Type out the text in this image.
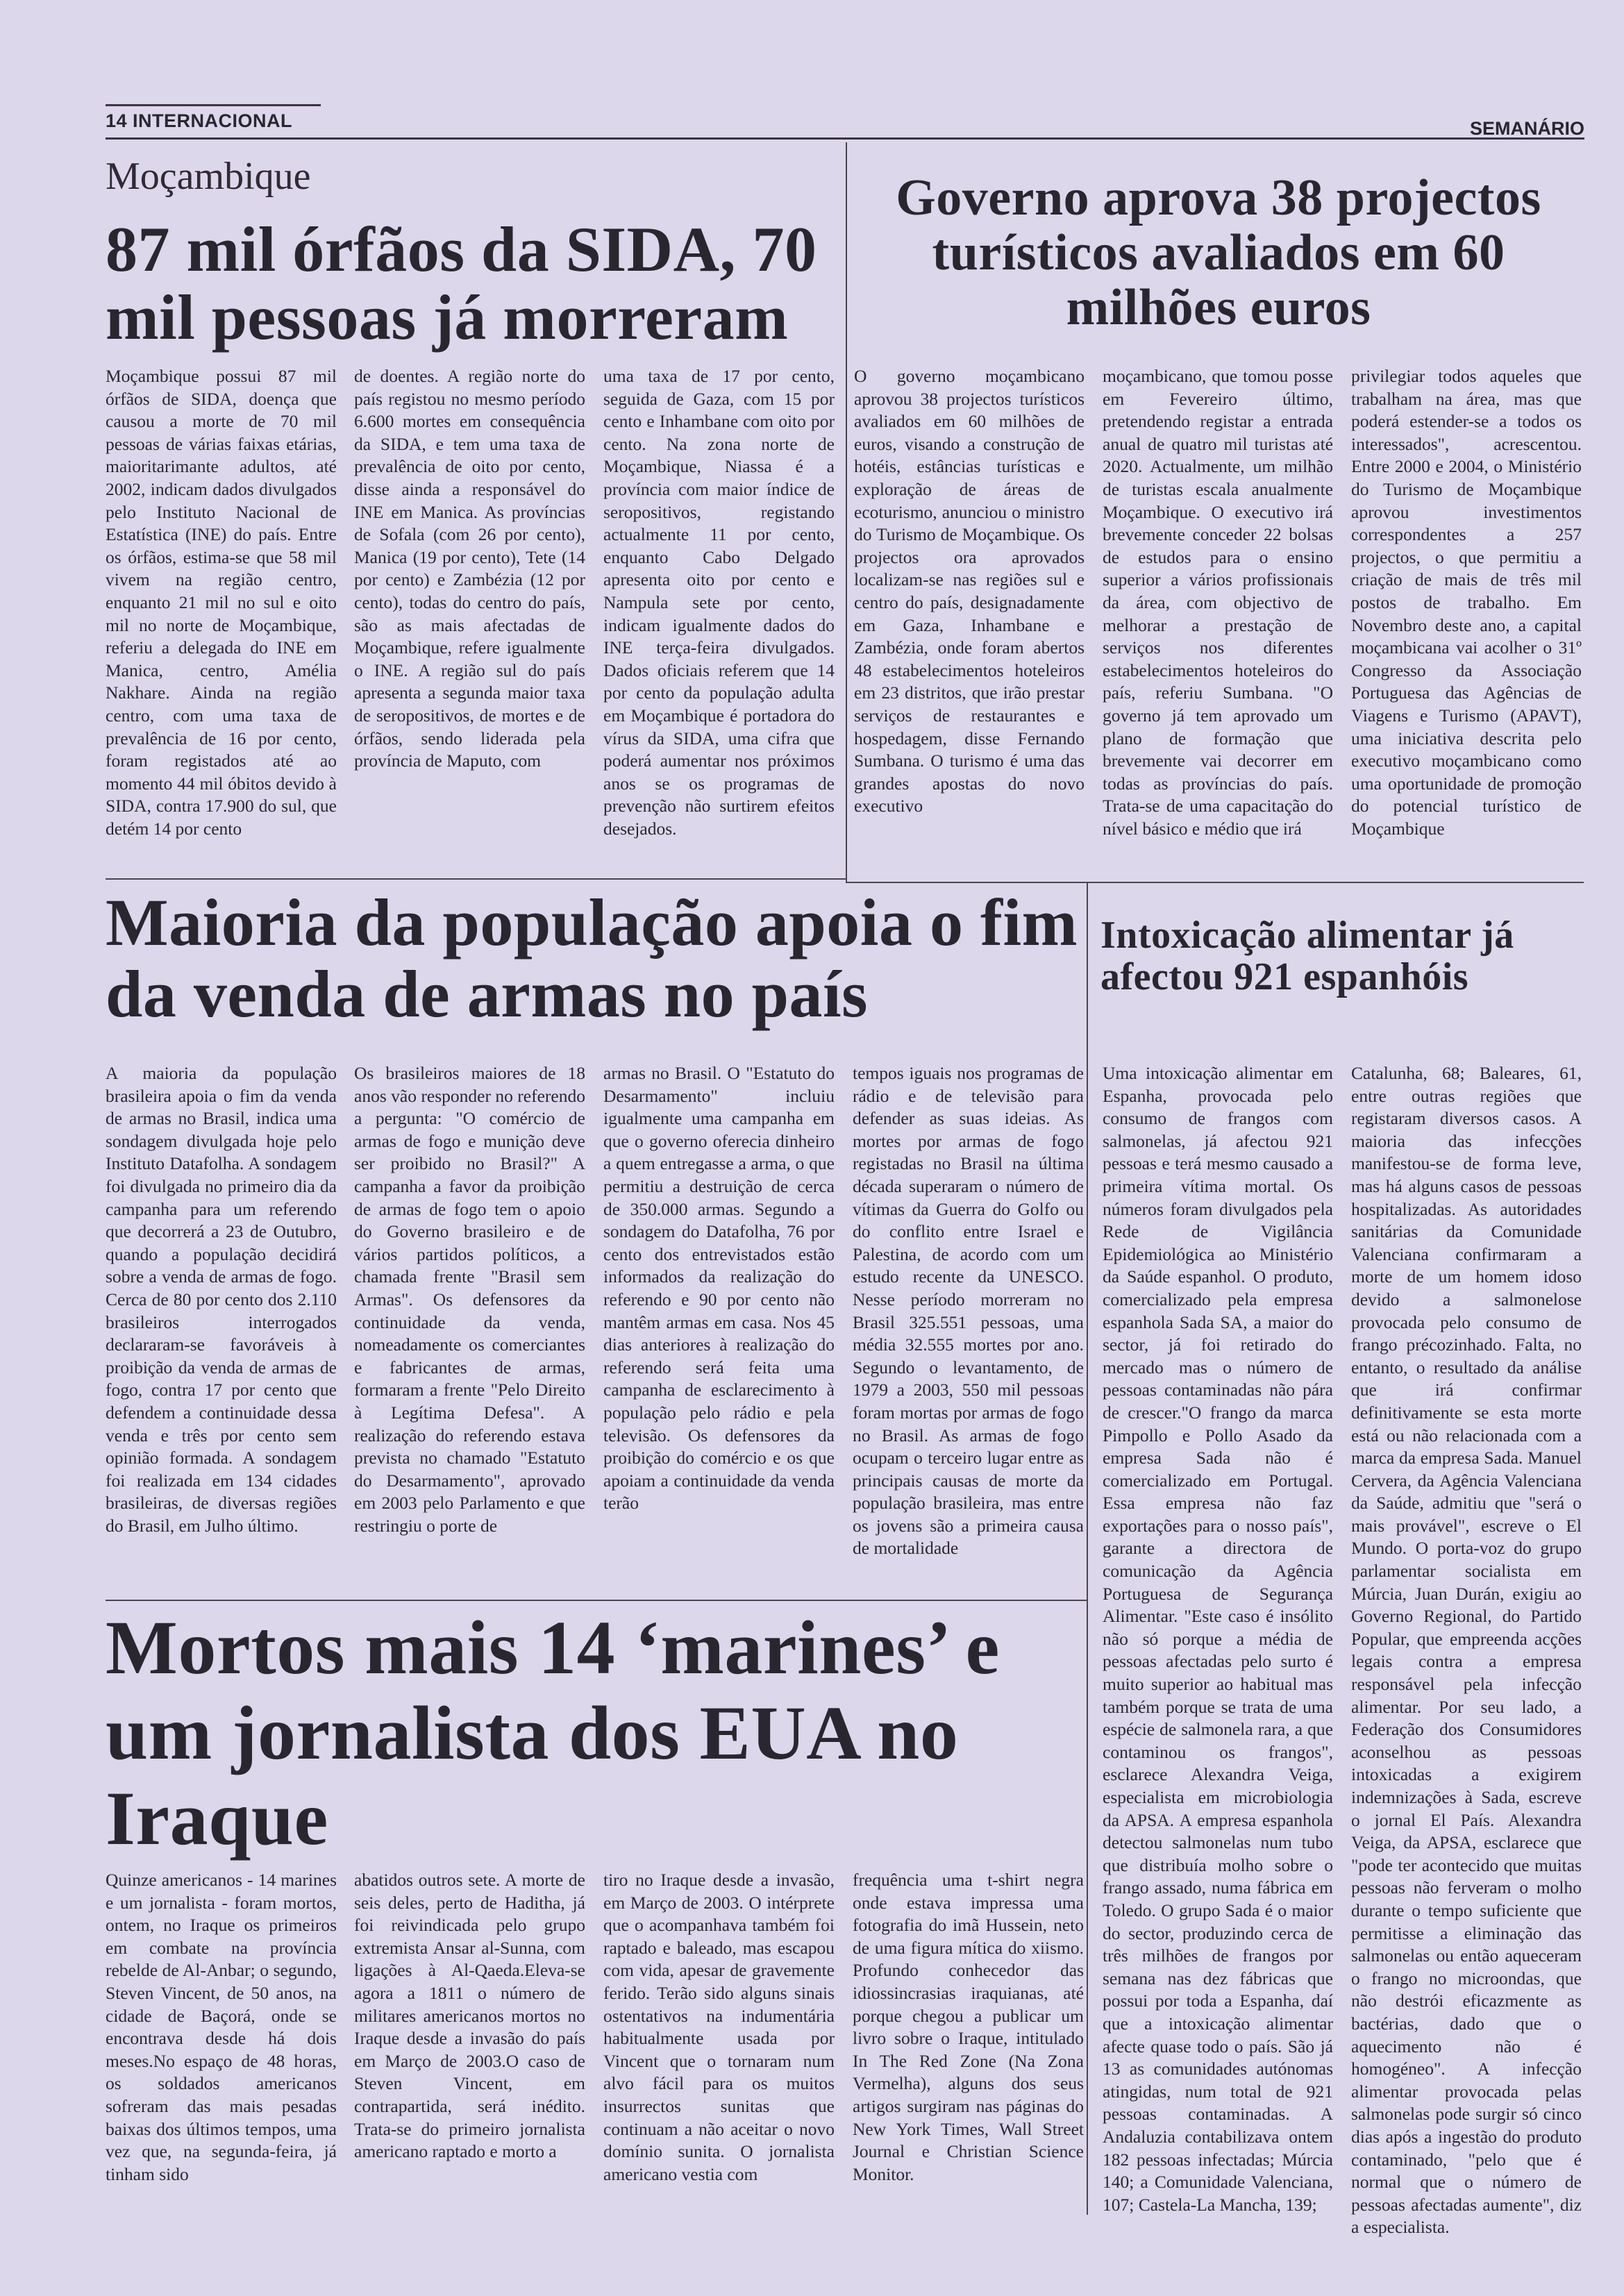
14 INTERNACIONAL	SEMANÁRIO
Moçambique
87 mil órfãos da SIDA, 70 mil pessoas já morreram
Moçambique possui 87 mil órfãos de SIDA, doença que causou a morte de 70 mil pessoas de várias faixas etárias, maioritarimante adultos, até 2002, indicam dados divulgados pelo Instituto Nacional de Estatística (INE) do país. Entre os órfãos, estima-se que 58 mil vivem na região centro, enquanto 21 mil no sul e oito mil no norte de Moçambique, referiu a delegada do INE em Manica, centro, Amélia Nakhare. Ainda na região centro, com uma taxa de prevalência de 16 por cento, foram registados até ao momento 44 mil óbitos devido à SIDA, contra 17.900 do sul, que detém 14 por cento
de doentes. A região norte do país registou no mesmo período 6.600 mortes em consequência da SIDA, e tem uma taxa de prevalência de oito por cento, disse ainda a responsável do INE em Manica. As províncias de Sofala (com 26 por cento), Manica (19 por cento), Tete (14 por cento) e Zambézia (12 por cento), todas do centro do país, são as mais afectadas de Moçambique, refere igualmente o INE. A região sul do país apresenta a segunda maior taxa de seropositivos, de mortes e de órfãos, sendo liderada pela província de Maputo, com
uma taxa de 17 por cento, seguida de Gaza, com 15 por cento e Inhambane com oito por cento. Na zona norte de Moçambique, Niassa é a província com maior índice de seropositivos, registando actualmente 11 por cento, enquanto Cabo Delgado apresenta oito por cento e Nampula sete por cento, indicam igualmente dados do INE terça-feira divulgados. Dados oficiais referem que 14 por cento da população adulta em Moçambique é portadora do vírus da SIDA, uma cifra que poderá aumentar nos próximos anos se os programas de prevenção não surtirem efeitos desejados.
Governo aprova 38 projectos turísticos avaliados em 60 milhões euros
O governo moçambicano aprovou 38 projectos turísticos avaliados em 60 milhões de euros, visando a construção de hotéis, estâncias turísticas e exploração de áreas de ecoturismo, anunciou o ministro do Turismo de Moçambique. Os projectos ora aprovados localizam-se nas regiões sul e centro do país, designadamente em Gaza, Inhambane e Zambézia, onde foram abertos 48 estabelecimentos hoteleiros em 23 distritos, que irão prestar serviços de restaurantes e hospedagem, disse Fernando Sumbana. O turismo é uma das grandes apostas do novo executivo
moçambicano, que tomou posse em Fevereiro último, pretendendo registar a entrada anual de quatro mil turistas até 2020. Actualmente, um milhão de turistas escala anualmente Moçambique. O executivo irá brevemente conceder 22 bolsas de estudos para o ensino superior a vários profissionais da área, com objectivo de melhorar a prestação de serviços nos diferentes estabelecimentos hoteleiros do país, referiu Sumbana. "O governo já tem aprovado um plano de formação que brevemente vai decorrer em todas as províncias do país. Trata-se de uma capacitação do nível básico e médio que irá
privilegiar todos aqueles que trabalham na área, mas que poderá estender-se a todos os interessados", acrescentou. Entre 2000 e 2004, o Ministério do Turismo de Moçambique aprovou investimentos correspondentes a 257 projectos, o que permitiu a criação de mais de três mil postos de trabalho. Em Novembro deste ano, a capital moçambicana vai acolher o 31º Congresso da Associação Portuguesa das Agências de Viagens e Turismo (APAVT), uma iniciativa descrita pelo executivo moçambicano como uma oportunidade de promoção do potencial turístico de Moçambique
Maioria da população apoia o fim da venda de armas no país
A maioria da população brasileira apoia o fim da venda de armas no Brasil, indica uma sondagem divulgada hoje pelo Instituto Datafolha. A sondagem foi divulgada no primeiro dia da campanha para um referendo que decorrerá a 23 de Outubro, quando a população decidirá sobre a venda de armas de fogo. Cerca de 80 por cento dos 2.110 brasileiros interrogados declararam-se favoráveis à proibição da venda de armas de fogo, contra 17 por cento que defendem a continuidade dessa venda e três por cento sem opinião formada. A sondagem foi realizada em 134 cidades brasileiras, de diversas regiões do Brasil, em Julho último.
Os brasileiros maiores de 18 anos vão responder no referendo a pergunta: "O comércio de armas de fogo e munição deve ser proibido no Brasil?" A campanha a favor da proibição de armas de fogo tem o apoio do Governo brasileiro e de vários partidos políticos, a chamada frente "Brasil sem Armas". Os defensores da continuidade da venda, nomeadamente os comerciantes e fabricantes de armas, formaram a frente "Pelo Direito à Legítima Defesa". A realização do referendo estava prevista no chamado "Estatuto do Desarmamento", aprovado em 2003 pelo Parlamento e que restringiu o porte de
armas no Brasil. O "Estatuto do Desarmamento" incluiu igualmente uma campanha em que o governo oferecia dinheiro a quem entregasse a arma, o que permitiu a destruição de cerca de 350.000 armas. Segundo a sondagem do Datafolha, 76 por cento dos entrevistados estão informados da realização do referendo e 90 por cento não mantêm armas em casa. Nos 45 dias anteriores à realização do referendo será feita uma campanha de esclarecimento à população pelo rádio e pela televisão. Os defensores da proibição do comércio e os que apoiam a continuidade da venda terão
tempos iguais nos programas de rádio e de televisão para defender as suas ideias. As mortes por armas de fogo registadas no Brasil na última década superaram o número de vítimas da Guerra do Golfo ou do conflito entre Israel e Palestina, de acordo com um estudo recente da UNESCO. Nesse período morreram no Brasil 325.551 pessoas, uma média 32.555 mortes por ano. Segundo o levantamento, de 1979 a 2003, 550 mil pessoas foram mortas por armas de fogo no Brasil. As armas de fogo ocupam o terceiro lugar entre as principais causas de morte da população brasileira, mas entre os jovens são a primeira causa de mortalidade
Intoxicação alimentar já afectou 921 espanhóis
Uma intoxicação alimentar em Espanha, provocada pelo consumo de frangos com salmonelas, já afectou 921 pessoas e terá mesmo causado a primeira vítima mortal. Os números foram divulgados pela Rede de Vigilância Epidemiológica ao Ministério da Saúde espanhol. O produto, comercializado pela empresa espanhola Sada SA, a maior do sector, já foi retirado do mercado mas o número de pessoas contaminadas não pára de crescer."O frango da marca Pimpollo e Pollo Asado da empresa Sada não é comercializado em Portugal. Essa empresa não faz exportações para o nosso país", garante a directora de comunicação da Agência Portuguesa de Segurança Alimentar. "Este caso é insólito não só porque a média de pessoas afectadas pelo surto é muito superior ao habitual mas também porque se trata de uma espécie de salmonela rara, a que contaminou os frangos", esclarece Alexandra Veiga, especialista em microbiologia da APSA. A empresa espanhola detectou salmonelas num tubo que distribuía molho sobre o frango assado, numa fábrica em Toledo. O grupo Sada é o maior do sector, produzindo cerca de três milhões de frangos por semana nas dez fábricas que possui por toda a Espanha, daí que a intoxicação alimentar afecte quase todo o país. São já 13 as comunidades autónomas atingidas, num total de 921 pessoas contaminadas. A Andaluzia contabilizava ontem 182 pessoas infectadas; Múrcia 140; a Comunidade Valenciana, 107; Castela-La Mancha, 139;
Catalunha, 68; Baleares, 61, entre outras regiões que registaram diversos casos. A maioria das infecções manifestou-se de forma leve, mas há alguns casos de pessoas hospitalizadas. As autoridades sanitárias da Comunidade Valenciana confirmaram a morte de um homem idoso devido a salmonelose provocada pelo consumo de frango précozinhado. Falta, no entanto, o resultado da análise que irá confirmar definitivamente se esta morte está ou não relacionada com a marca da empresa Sada. Manuel Cervera, da Agência Valenciana da Saúde, admitiu que "será o mais provável", escreve o El Mundo. O porta-voz do grupo parlamentar socialista em Múrcia, Juan Durán, exigiu ao Governo Regional, do Partido Popular, que empreenda acções legais contra a empresa responsável pela infecção alimentar. Por seu lado, a Federação dos Consumidores aconselhou as pessoas intoxicadas a exigirem indemnizações à Sada, escreve o jornal El País. Alexandra Veiga, da APSA, esclarece que "pode ter acontecido que muitas pessoas não ferveram o molho durante o tempo suficiente que permitisse a eliminação das salmonelas ou então aqueceram o frango no microondas, que não destrói eficazmente as bactérias, dado que o aquecimento não é homogéneo". A infecção alimentar provocada pelas salmonelas pode surgir só cinco dias após a ingestão do produto contaminado, "pelo que é normal que o número de pessoas afectadas aumente", diz a especialista.
Mortos mais 14 ‘marines’ e um jornalista dos EUA no Iraque
Quinze americanos - 14 marines e um jornalista - foram mortos, ontem, no Iraque os primeiros em combate na província rebelde de Al-Anbar; o segundo, Steven Vincent, de 50 anos, na cidade de Baçorá, onde se encontrava desde há dois meses.No espaço de 48 horas, os soldados americanos sofreram das mais pesadas baixas dos últimos tempos, uma vez que, na segunda-feira, já tinham sido
abatidos outros sete. A morte de seis deles, perto de Haditha, já foi reivindicada pelo grupo extremista Ansar al-Sunna, com ligações à Al-Qaeda.Eleva-se agora a 1811 o número de militares americanos mortos no Iraque desde a invasão do país em Março de 2003.O caso de Steven Vincent, em contrapartida, será inédito. Trata-se do primeiro jornalista americano raptado e morto a
tiro no Iraque desde a invasão, em Março de 2003. O intérprete que o acompanhava também foi raptado e baleado, mas escapou com vida, apesar de gravemente ferido. Terão sido alguns sinais ostentativos na indumentária habitualmente usada por Vincent que o tornaram num alvo fácil para os muitos insurrectos sunitas que continuam a não aceitar o novo domínio sunita. O jornalista americano vestia com
frequência uma t-shirt negra onde estava impressa uma fotografia do imã Hussein, neto de uma figura mítica do xiismo. Profundo conhecedor das idiossincrasias iraquianas, até porque chegou a publicar um livro sobre o Iraque, intitulado In The Red Zone (Na Zona Vermelha), alguns dos seus artigos surgiram nas páginas do New York Times, Wall Street Journal e Christian Science Monitor.
